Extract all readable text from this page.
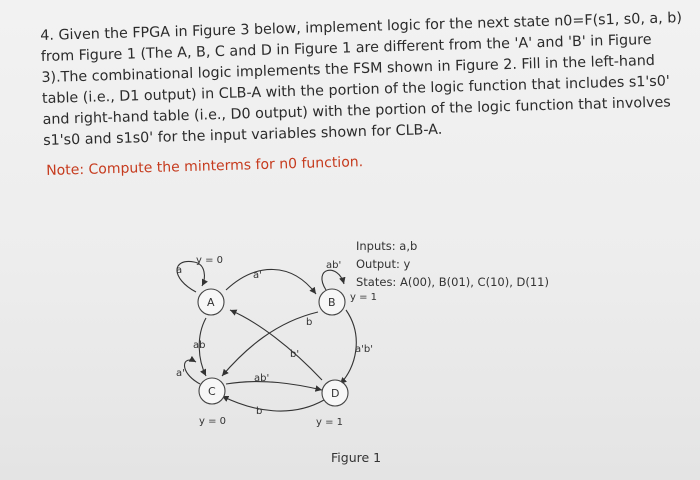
4. Given the FPGA in Figure 3 below, implement logic for the next state n0=F(s1, s0, a, b) from Figure 1 (The A, B, C and D in Figure 1 are different from the 'A' and 'B' in Figure 3).The combinational logic implements the FSM shown in Figure 2. Fill in the left-hand table (i.e., D1 output) in CLB-A with the portion of the logic function that includes s1's0' and right-hand table (i.e., D0 output) with the portion of the logic function that involves s1's0 and s1s0' for the input variables shown for CLB-A.

Note: Compute the minterms for n0 function.

A	B
C	D
y = 0
y = 1
y = 0	y = 1
a	a'
ab'
b
a'b'
ab
a'	ab'
b'
b
Inputs: a,b
Output: y
States: A(00), B(01), C(10), D(11)
Figure 1
